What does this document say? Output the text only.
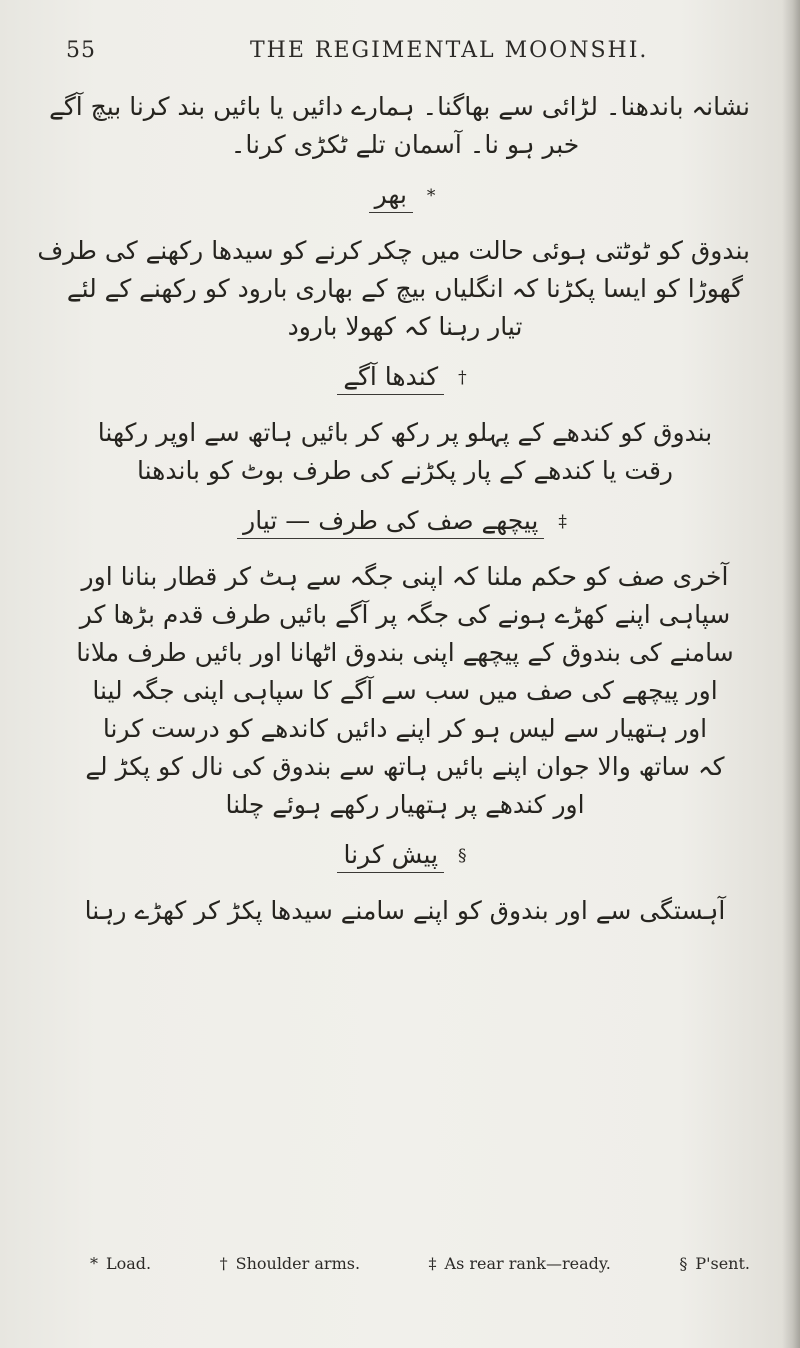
55	THE REGIMENTAL MOONSHI.
نشانہ باندھنا۔ لڑائی سے بھاگنا۔ ہمارے دائیں یا بائیں بند کرنا بیچ آگے
خبر ہو نا۔ آسمان تلے ٹکڑی کرنا۔
* بھر
بندوق کو ٹوٹتی ہوئی حالت میں چکر کرنے کو سیدھا رکھنے کی طرف
گھوڑا کو ایسا پکڑنا کہ انگلیاں بیچ کے بھاری بارود کو رکھنے کے لئے
تیار رہنا کہ کھولا بارود
† کندھا آگے
بندوق کو کندھے کے پہلو پر رکھ کر بائیں ہاتھ سے اوپر رکھنا
رقت یا کندھے کے پار پکڑنے کی طرف بوٹ کو باندھنا
‡ پیچھے صف کی طرف — تیار
آخری صف کو حکم ملنا کہ اپنی جگہ سے ہٹ کر قطار بنانا اور
سپاہی اپنے کھڑے ہونے کی جگہ پر آگے بائیں طرف قدم بڑھا کر
سامنے کی بندوق کے پیچھے اپنی بندوق اٹھانا اور بائیں طرف ملانا
اور پیچھے کی صف میں سب سے آگے کا سپاہی اپنی جگہ لینا
اور ہتھیار سے لیس ہو کر اپنے دائیں کاندھے کو درست کرنا
کہ ساتھ والا جوان اپنے بائیں ہاتھ سے بندوق کی نال کو پکڑ لے
اور کندھے پر ہتھیار رکھے ہوئے چلنا
§ پیش کرنا
آہستگی سے اور بندوق کو اپنے سامنے سیدھا پکڑ کر کھڑے رہنا
* Load.	† Shoulder arms.	‡ As rear rank—ready.	§ P'sent.
